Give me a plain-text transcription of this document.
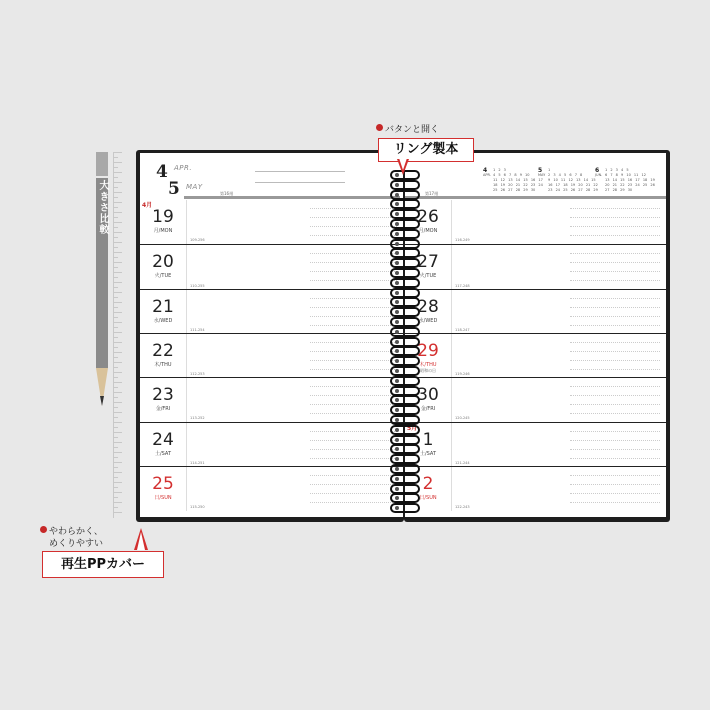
大きさ比較
4 APR.
5 MAY
第16週
4月
19
月/MON
109-256
20
火/TUE
110-255
21
水/WED
111-254
22
木/THU
112-253
23
金/FRI
113-252
24
土/SAT
114-251
25
日/SUN
115-250
第17週
4
APR.
1 2 3
4 5 6 7 8 9 10
11 12 13 14 15 16 17
18 19 20 21 22 23 24
25 26 27 28 29 30
5
MAY
1
2 3 4 5 6 7 8
9 10 11 12 13 14 15
16 17 18 19 20 21 22
23 24 25 26 27 28 29
6
JUN.
1 2 3 4 5
6 7 8 9 10 11 12
13 14 15 16 17 18 19
20 21 22 23 24 25 26
27 28 29 30
26
月/MON
116-249
27
火/TUE
117-248
28
水/WED
118-247
29
木/THU
昭和の日
119-246
30
金/FRI
120-245
5月
1
土/SAT
121-244
2
日/SUN
122-243
バタンと開く
リング製本
やわらかく、
めくりやすい
再生PPカバー
